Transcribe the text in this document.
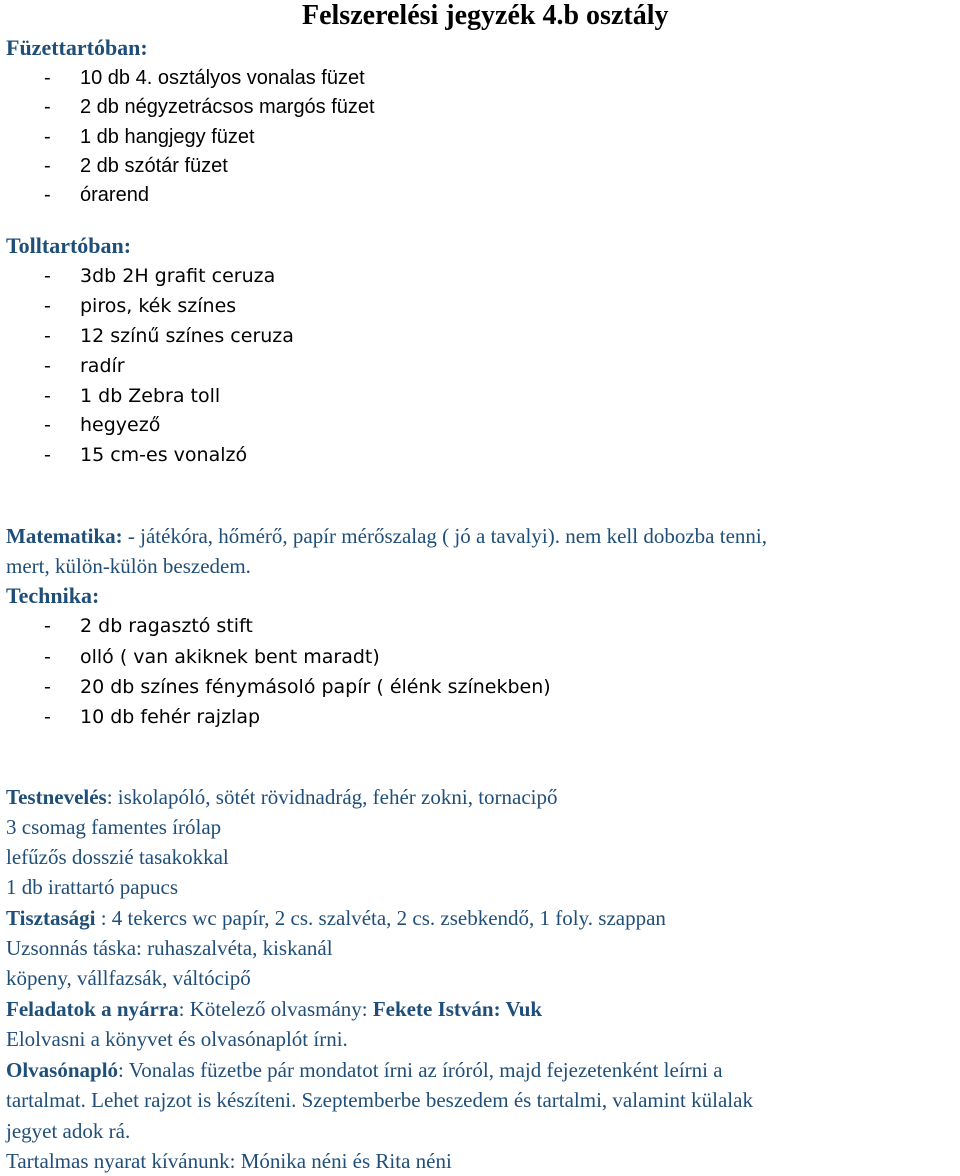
Felszerelési jegyzék 4.b osztály
Füzettartóban:
- 10 db 4. osztályos vonalas füzet
- 2 db négyzetrácsos margós füzet
- 1 db hangjegy füzet
- 2 db szótár füzet
- órarend
Tolltartóban:
- 3db 2H grafit ceruza
- piros, kék színes
- 12 színű színes ceruza
- radír
- 1 db Zebra toll
- hegyező
- 15 cm-es vonalzó
Matematika: - játékóra, hőmérő, papír mérőszalag ( jó a tavalyi). nem kell dobozba tenni,
mert, külön-külön beszedem.
Technika:
- 2 db ragasztó stift
- olló ( van akiknek bent maradt)
- 20 db színes fénymásoló papír ( élénk színekben)
- 10 db fehér rajzlap
Testnevelés: iskolapóló, sötét rövidnadrág, fehér zokni, tornacipő
3 csomag famentes írólap
lefűzős dosszié tasakokkal
1 db irattartó papucs
Tisztasági : 4 tekercs wc papír, 2 cs. szalvéta, 2 cs. zsebkendő, 1 foly. szappan
Uzsonnás táska: ruhaszalvéta, kiskanál
köpeny, vállfazsák, váltócipő
Feladatok a nyárra: Kötelező olvasmány: Fekete István: Vuk
Elolvasni a könyvet és olvasónaplót írni.
Olvasónapló: Vonalas füzetbe pár mondatot írni az íróról, majd fejezetenként leírni a
tartalmat. Lehet rajzot is készíteni. Szeptemberbe beszedem és tartalmi, valamint külalak
jegyet adok rá.
Tartalmas nyarat kívánunk: Mónika néni és Rita néni
